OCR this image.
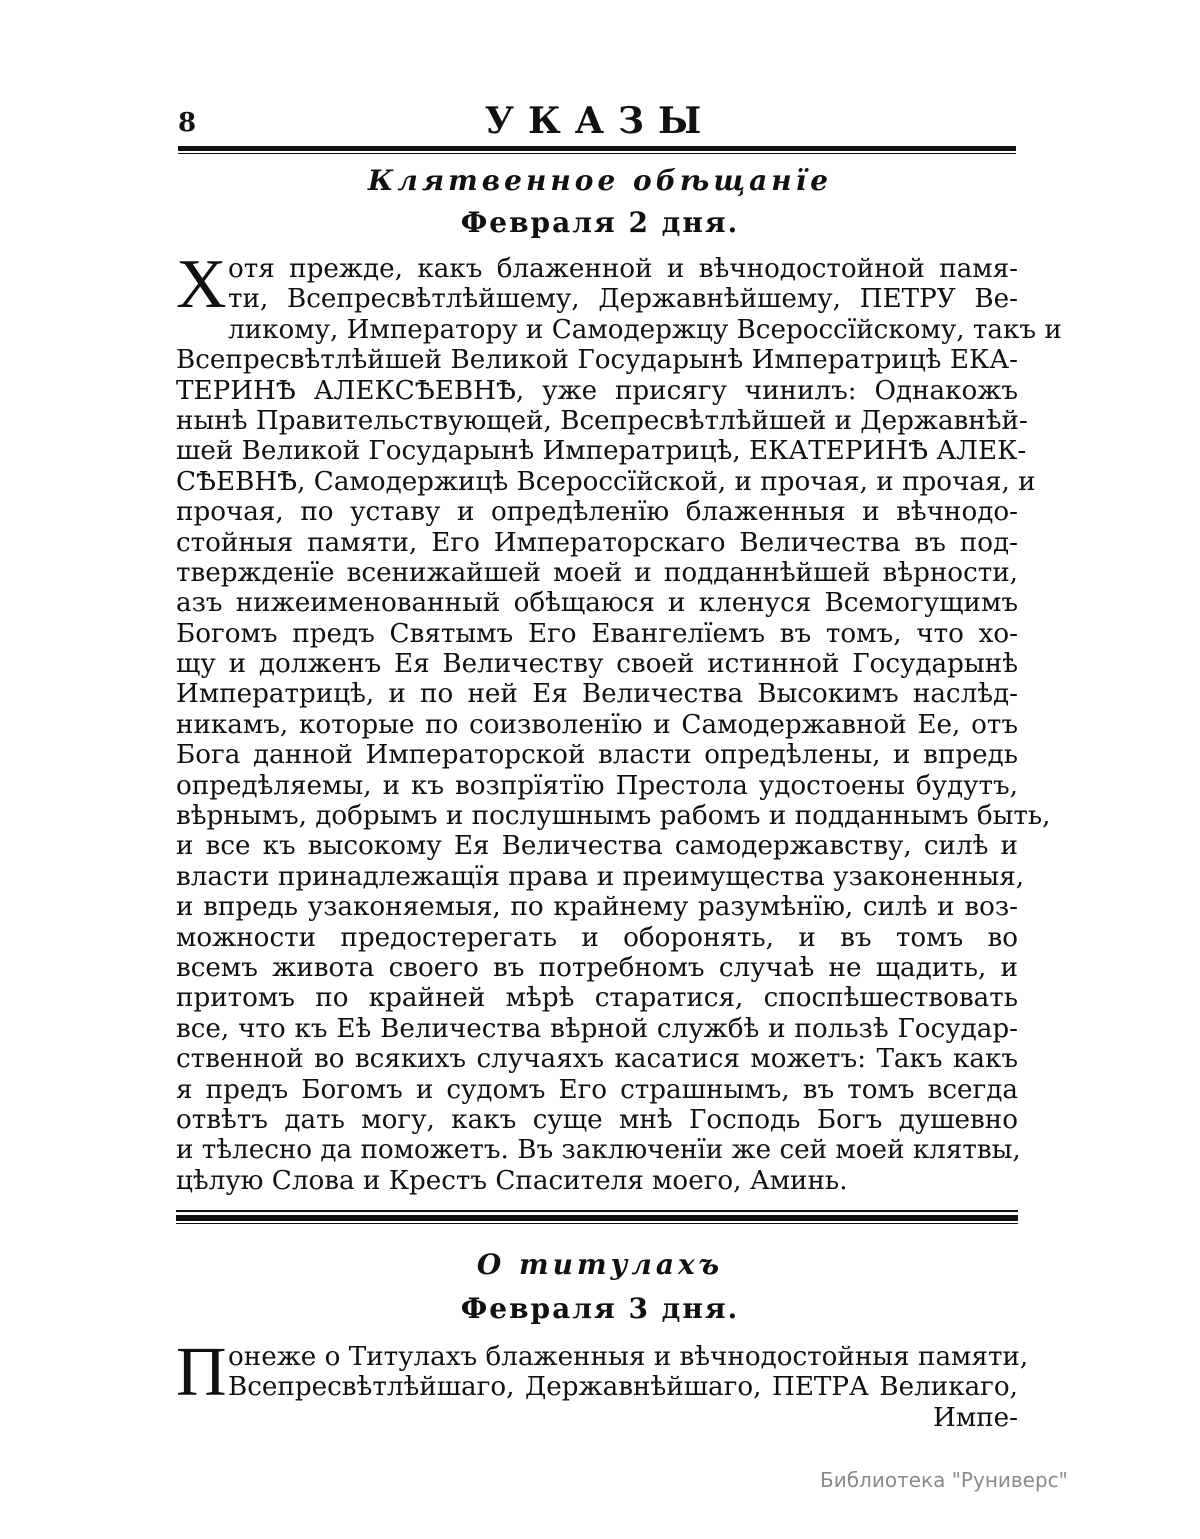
8	УКАЗЫ
Клятвенное обѣщанїе
Февраля 2 дня.
Х отя прежде, какъ блаженной и вѣчнодостойной памя-
ти, Всепресвѣтлѣйшему, Державнѣйшему, ПЕТРУ Ве-
ликому, Императору и Самодержцу Всероссїйскому, такъ и
Всепресвѣтлѣйшей Великой Государынѣ Императрицѣ ЕКА-
ТЕРИНѢ АЛЕКСѢЕВНѢ, уже присягу чинилъ: Однакожъ
нынѣ Правительствующей, Всепресвѣтлѣйшей и Державнѣй-
шей Великой Государынѣ Императрицѣ, ЕКАТЕРИНѢ АЛЕК-
СѢЕВНѢ, Самодержицѣ Всероссїйской, и прочая, и прочая, и
прочая, по уставу и опредѣленїю блаженныя и вѣчнодо-
стойныя памяти, Его Императорскаго Величества въ под-
твержденїе всенижайшей моей и подданнѣйшей вѣрности,
азъ нижеименованный обѣщаюся и кленуся Всемогущимъ
Богомъ предъ Святымъ Его Евангелїемъ въ томъ, что хо-
щу и долженъ Ея Величеству своей истинной Государынѣ
Императрицѣ, и по ней Ея Величества Высокимъ наслѣд-
никамъ, которые по соизволенїю и Самодержавной Ее, отъ
Бога данной Императорской власти опредѣлены, и впредь
опредѣляемы, и къ возпрїятїю Престола удостоены будутъ,
вѣрнымъ, добрымъ и послушнымъ рабомъ и подданнымъ быть,
и все къ высокому Ея Величества самодержавству, силѣ и
власти принадлежащїя права и преимущества узаконенныя,
и впредь узаконяемыя, по крайнему разумѣнїю, силѣ и воз-
можности предостерегать и оборонять, и въ томъ во
всемъ живота своего въ потребномъ случаѣ не щадить, и
притомъ по крайней мѣрѣ старатися, споспѣшествовать
все, что къ Еѣ Величества вѣрной службѣ и пользѣ Государ-
ственной во всякихъ случаяхъ касатися можетъ: Такъ какъ
я предъ Богомъ и судомъ Его страшнымъ, въ томъ всегда
отвѣтъ дать могу, какъ суще мнѣ Господь Богъ душевно
и тѣлесно да поможетъ. Въ заключенїи же сей моей клятвы,
цѣлую Слова и Крестъ Спасителя моего, Аминь.
О титулахъ
Февраля 3 дня.
П онеже о Титулахъ блаженныя и вѣчнодостойныя памяти,
Всепресвѣтлѣйшаго, Державнѣйшаго, ПЕТРА Великаго,
Импе-
Библиотека "Руниверс"
